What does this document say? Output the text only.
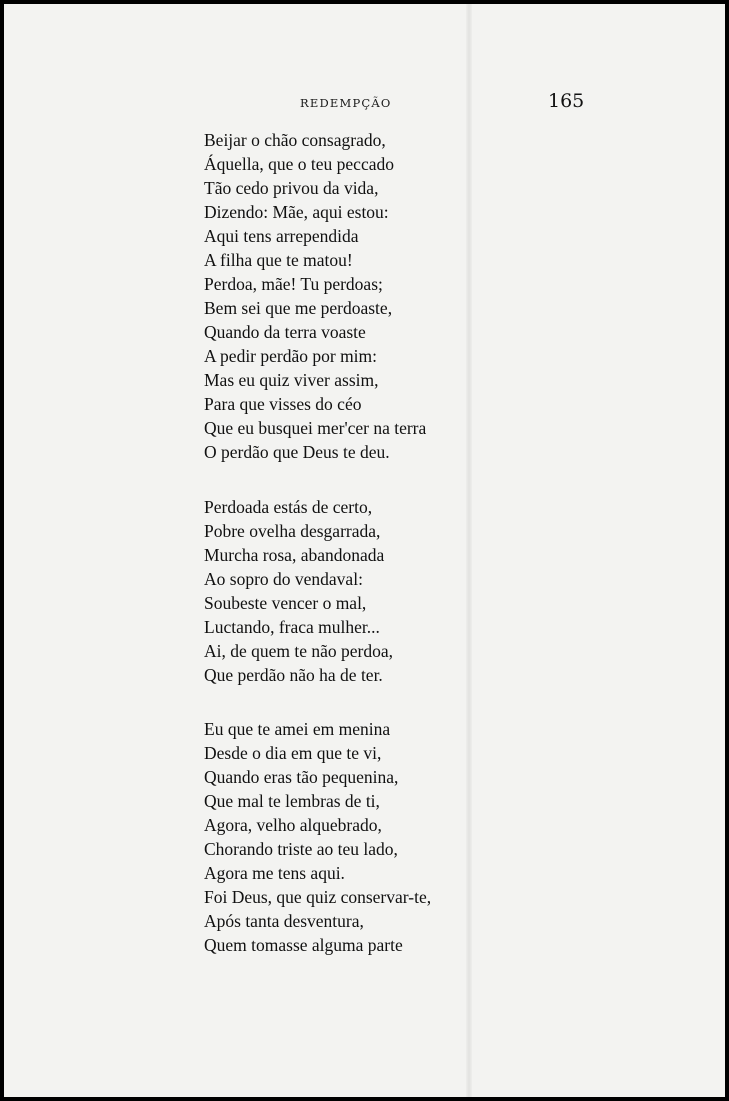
REDEMPÇÃO	165
Beijar o chão consagrado,
Áquella, que o teu peccado
Tão cedo privou da vida,
Dizendo: Mãe, aqui estou:
Aqui tens arrependida
A filha que te matou!
Perdoa, mãe! Tu perdoas;
Bem sei que me perdoaste,
Quando da terra voaste
A pedir perdão por mim:
Mas eu quiz viver assim,
Para que visses do céo
Que eu busquei mer'cer na terra
O perdão que Deus te deu.
Perdoada estás de certo,
Pobre ovelha desgarrada,
Murcha rosa, abandonada
Ao sopro do vendaval:
Soubeste vencer o mal,
Luctando, fraca mulher...
Ai, de quem te não perdoa,
Que perdão não ha de ter.
Eu que te amei em menina
Desde o dia em que te vi,
Quando eras tão pequenina,
Que mal te lembras de ti,
Agora, velho alquebrado,
Chorando triste ao teu lado,
Agora me tens aqui.
Foi Deus, que quiz conservar-te,
Após tanta desventura,
Quem tomasse alguma parte
